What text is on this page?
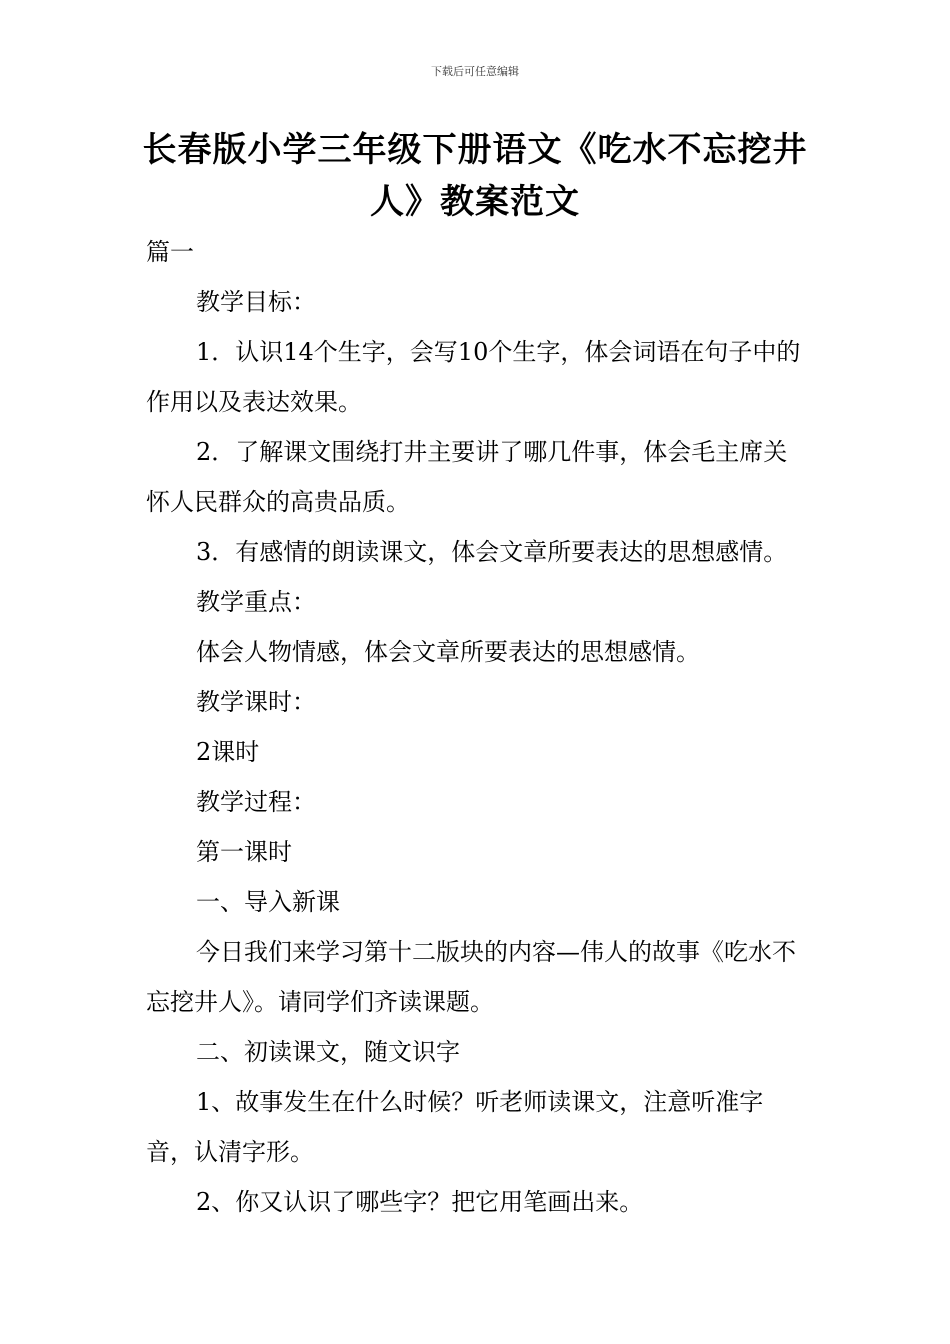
下载后可任意编辑
长春版小学三年级下册语文《吃水不忘挖井人》教案范文

篇一

教学目标：

1．认识14个生字，会写10个生字，体会词语在句子中的作用以及表达效果。

2．了解课文围绕打井主要讲了哪几件事，体会毛主席关怀人民群众的高贵品质。

3．有感情的朗读课文，体会文章所要表达的思想感情。

教学重点：

体会人物情感，体会文章所要表达的思想感情。

教学课时：

2课时

教学过程：

第一课时

一、导入新课

今日我们来学习第十二版块的内容—伟人的故事《吃水不忘挖井人》。请同学们齐读课题。

二、初读课文，随文识字

1、故事发生在什么时候？听老师读课文，注意听准字音，认清字形。

2、你又认识了哪些字？把它用笔画出来。
